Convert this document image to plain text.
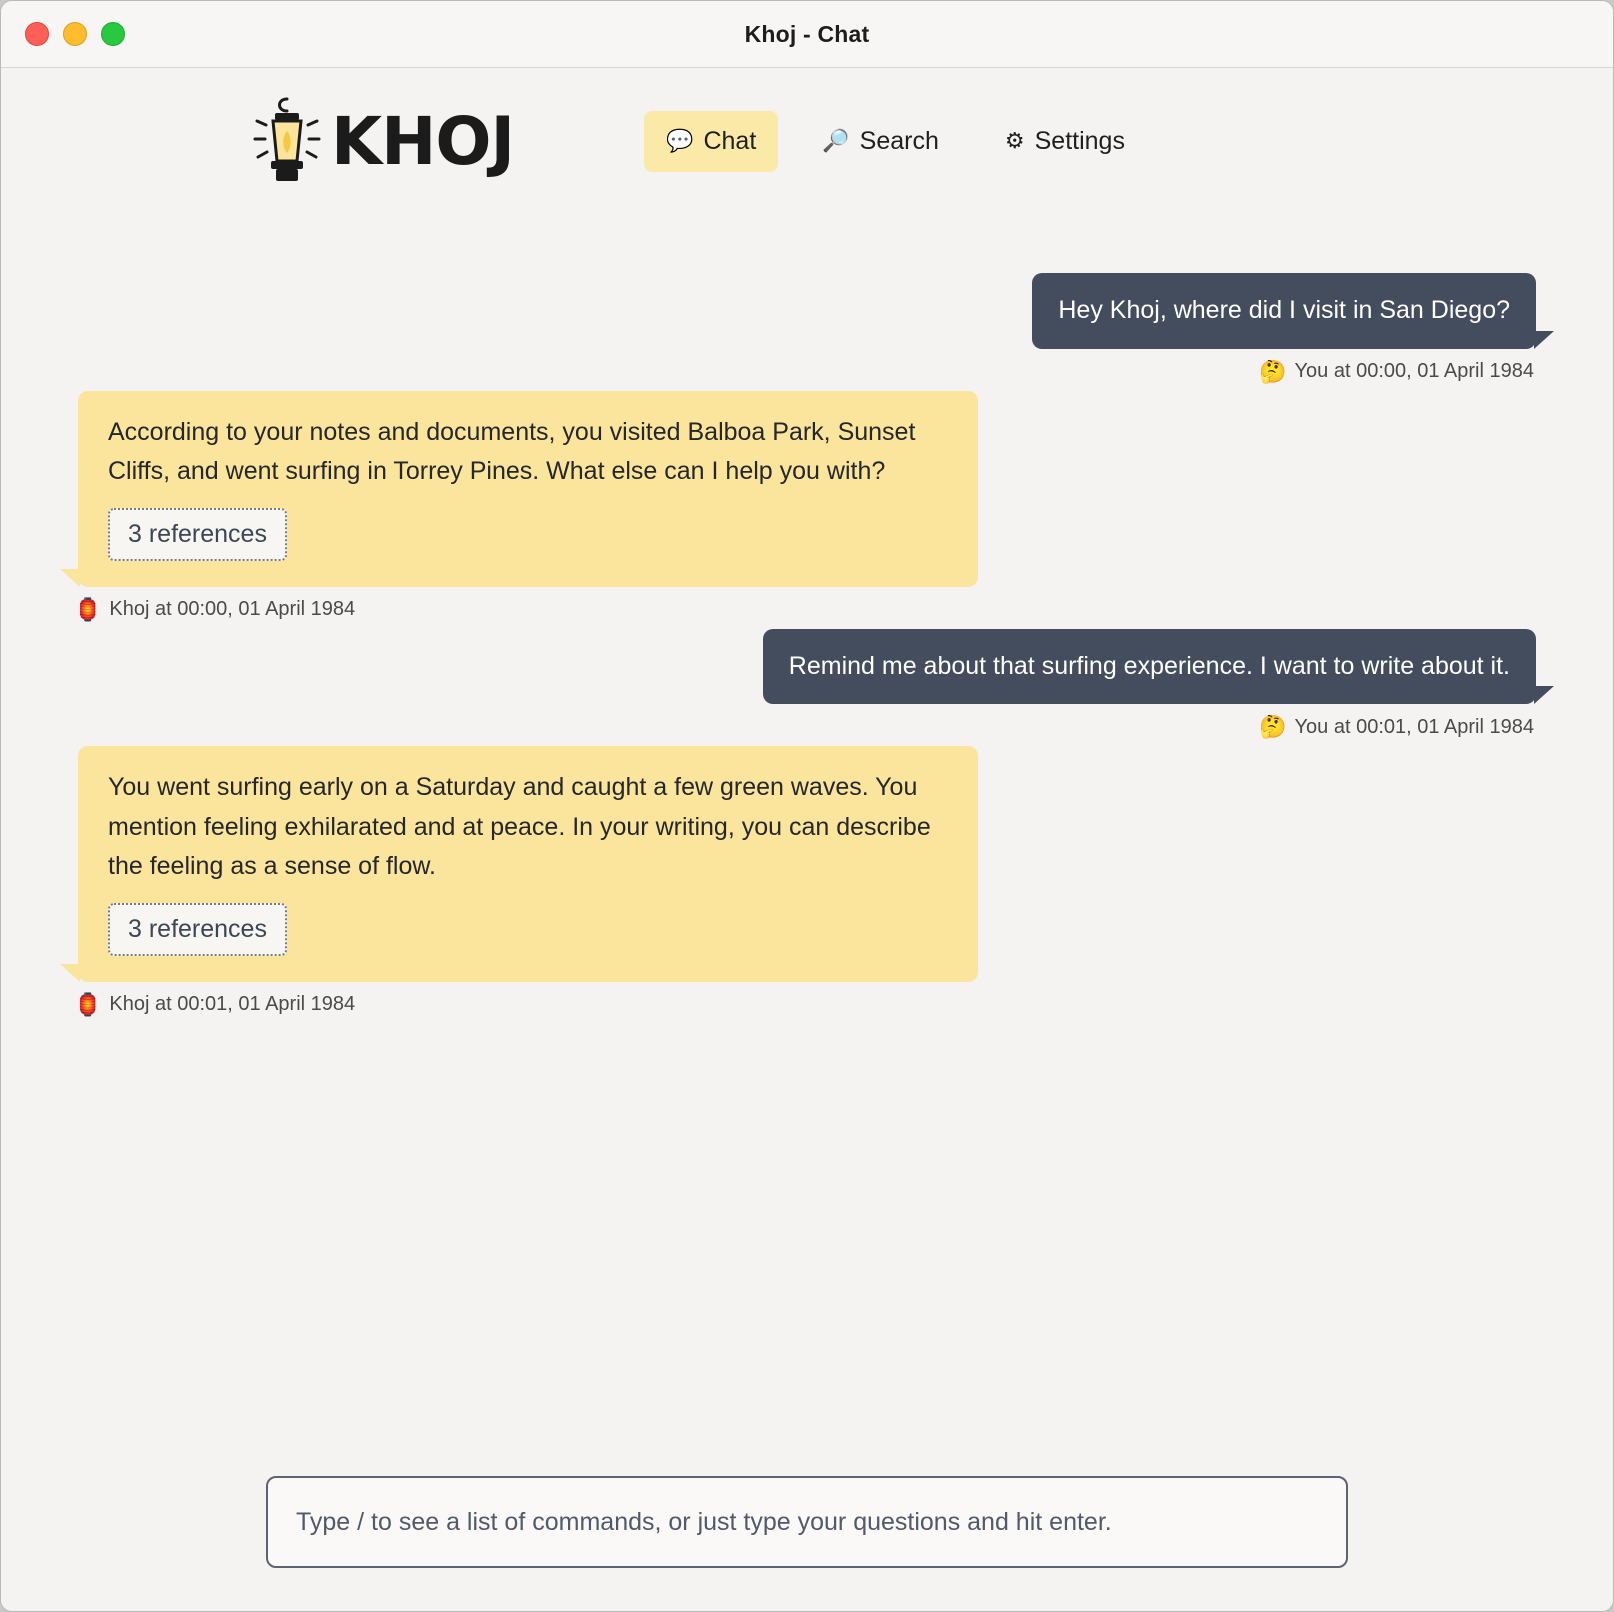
Khoj - Chat
KHOJ	💬 Chat	🔎 Search	⚙ Settings
Hey Khoj, where did I visit in San Diego?
🤔 You at 00:00, 01 April 1984
According to your notes and documents, you visited Balboa Park, Sunset Cliffs, and went surfing in Torrey Pines. What else can I help you with?
3 references
🏮 Khoj at 00:00, 01 April 1984
Remind me about that surfing experience. I want to write about it.
🤔 You at 00:01, 01 April 1984
You went surfing early on a Saturday and caught a few green waves. You mention feeling exhilarated and at peace. In your writing, you can describe the feeling as a sense of flow.
3 references
🏮 Khoj at 00:01, 01 April 1984
Type / to see a list of commands, or just type your questions and hit enter.
